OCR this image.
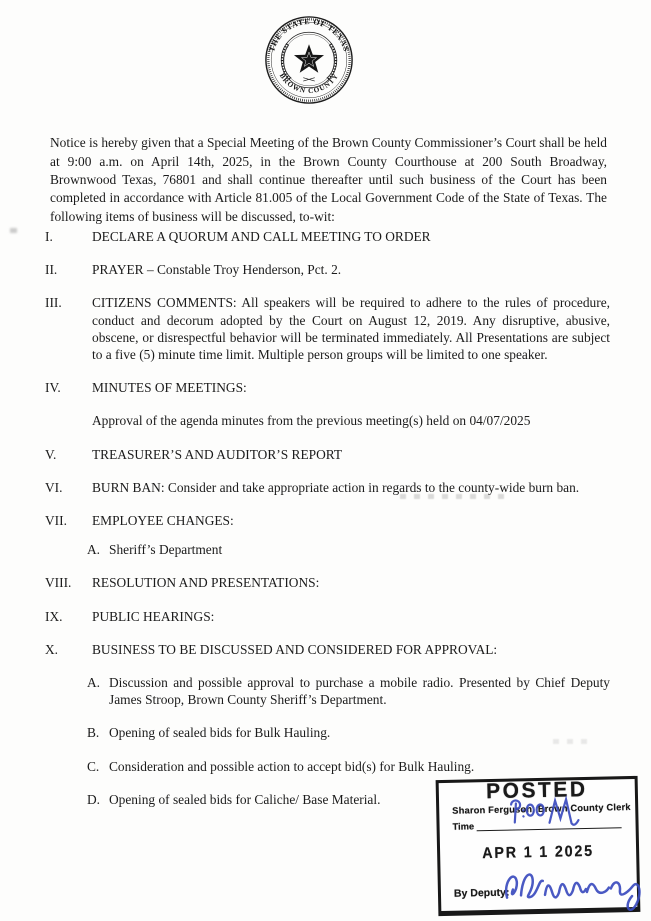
THE STATE OF TEXAS
BROWN COUNTY

Notice is hereby given that a Special Meeting of the Brown County Commissioner’s Court shall be held at 9:00 a.m. on April 14th, 2025, in the Brown County Courthouse at 200 South Broadway, Brownwood Texas, 76801 and shall continue thereafter until such business of the Court has been completed in accordance with Article 81.005 of the Local Government Code of the State of Texas. The following items of business will be discussed, to-wit:

I.	DECLARE A QUORUM AND CALL MEETING TO ORDER
II.	PRAYER – Constable Troy Henderson, Pct. 2.
III.	CITIZENS COMMENTS: All speakers will be required to adhere to the rules of procedure, conduct and decorum adopted by the Court on August 12, 2019. Any disruptive, abusive, obscene, or disrespectful behavior will be terminated immediately. All Presentations are subject to a five (5) minute time limit. Multiple person groups will be limited to one speaker.
IV.	MINUTES OF MEETINGS:
Approval of the agenda minutes from the previous meeting(s) held on 04/07/2025
V.	TREASURER’S AND AUDITOR’S REPORT
VI.	BURN BAN: Consider and take appropriate action in regards to the county-wide burn ban.
VII.	EMPLOYEE CHANGES:
A. Sheriff’s Department
VIII.	RESOLUTION AND PRESENTATIONS:
IX.	PUBLIC HEARINGS:
X.	BUSINESS TO BE DISCUSSED AND CONSIDERED FOR APPROVAL:
A. Discussion and possible approval to purchase a mobile radio. Presented by Chief Deputy James Stroop, Brown County Sheriff’s Department.
B. Opening of sealed bids for Bulk Hauling.
C. Consideration and possible action to accept bid(s) for Bulk Hauling.
D. Opening of sealed bids for Caliche/ Base Material.	POSTED
Sharon Ferguson, Brown County Clerk
Time
APR 1 1 2025
By Deputy:
